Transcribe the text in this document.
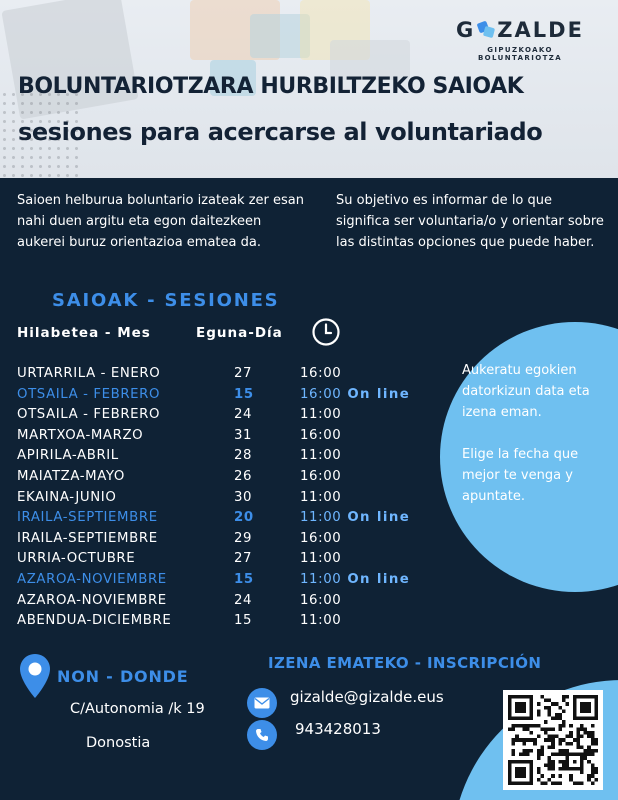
G ZALDE
GIPUZKOAKO BOLUNTARIOTZA
BOLUNTARIOTZARA HURBILTZEKO SAIOAK
sesiones para acercarse al voluntariado
Saioen helburua boluntario izateak zer esan nahi duen argitu eta egon daitezkeen aukerei buruz orientazioa ematea da.
Su objetivo es informar de lo que significa ser voluntaria/o y orientar sobre las distintas opciones que puede haber.
SAIOAK - SESIONES
Hilabetea - Mes	Eguna-Día
URTARRILA - ENERO	27	16:00
OTSAILA - FEBRERO	15	16:00 On line
OTSAILA - FEBRERO	24	11:00
MARTXOA-MARZO	31	16:00
APIRILA-ABRIL	28	11:00
MAIATZA-MAYO	26	16:00
EKAINA-JUNIO	30	11:00
IRAILA-SEPTIEMBRE	20	11:00 On line
IRAILA-SEPTIEMBRE	29	16:00
URRIA-OCTUBRE	27	11:00
AZAROA-NOVIEMBRE	15	11:00 On line
AZAROA-NOVIEMBRE	24	16:00
ABENDUA-DICIEMBRE	15	11:00

Aukeratu egokien datorkizun data eta izena eman.

Elige la fecha que mejor te venga y apuntate.

NON - DONDE
C/Autonomia /k 19
Donostia
IZENA EMATEKO - INSCRIPCIÓN
gizalde@gizalde.eus
943428013
